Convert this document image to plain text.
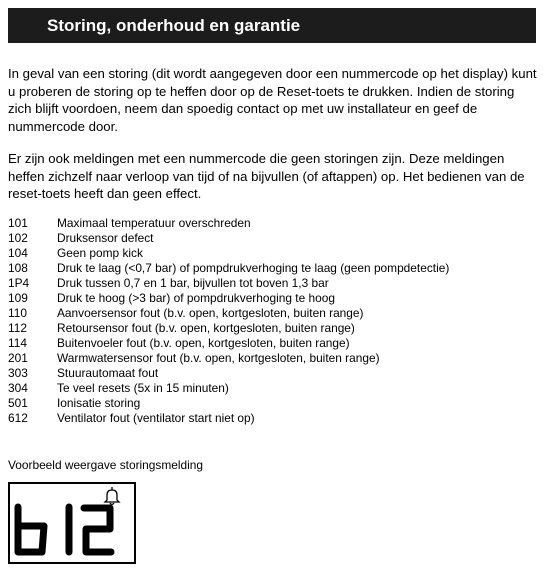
Storing, onderhoud en garantie

In geval van een storing (dit wordt aangegeven door een nummercode op het display) kunt u proberen de storing op te heffen door op de Reset-toets te drukken. Indien de storing zich blijft voordoen, neem dan spoedig contact op met uw installateur en geef de nummercode door.

Er zijn ook meldingen met een nummercode die geen storingen zijn. Deze meldingen heffen zichzelf naar verloop van tijd of na bijvullen (of aftappen) op. Het bedienen van de reset-toets heeft dan geen effect.

101 Maximaal temperatuur overschreden
102 Druksensor defect
104 Geen pomp kick
108 Druk te laag (<0,7 bar) of pompdrukverhoging te laag (geen pompdetectie)
1P4 Druk tussen 0,7 en 1 bar, bijvullen tot boven 1,3 bar
109 Druk te hoog (>3 bar) of pompdrukverhoging te hoog
110	Aanvoersensor fout (b.v. open, kortgesloten, buiten range)
112	Retoursensor fout (b.v. open, kortgesloten, buiten range)
114	Buitenvoeler fout (b.v. open, kortgesloten, buiten range)
201 Warmwatersensor fout (b.v. open, kortgesloten, buiten range)
303 Stuurautomaat fout
304 Te veel resets (5x in 15 minuten)
501 Ionisatie storing
612 Ventilator fout (ventilator start niet op)
Voorbeeld weergave storingsmelding
